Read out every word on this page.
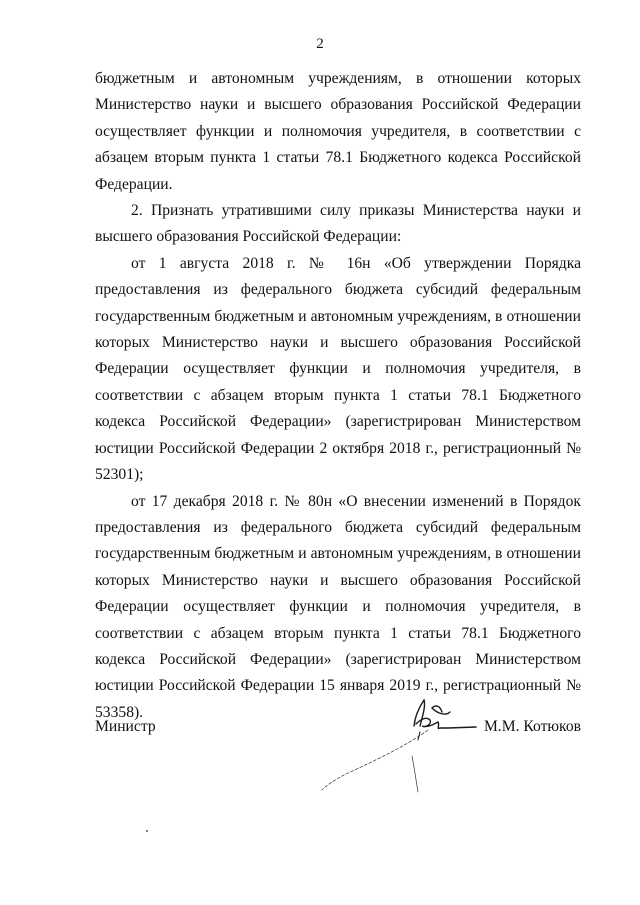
2

бюджетным и автономным учреждениям, в отношении которых Министерство науки и высшего образования Российской Федерации осуществляет функции и полномочия учредителя, в соответствии с абзацем вторым пункта 1 статьи 78.1 Бюджетного кодекса Российской Федерации.

2. Признать утратившими силу приказы Министерства науки и высшего образования Российской Федерации:

от 1 августа 2018 г. № 16н «Об утверждении Порядка предоставления из федерального бюджета субсидий федеральным государственным бюджетным и автономным учреждениям, в отношении которых Министерство науки и высшего образования Российской Федерации осуществляет функции и полномочия учредителя, в соответствии с абзацем вторым пункта 1 статьи 78.1 Бюджетного кодекса Российской Федерации» (зарегистрирован Министерством юстиции Российской Федерации 2 октября 2018 г., регистрационный № 52301);

от 17 декабря 2018 г. № 80н «О внесении изменений в Порядок предоставления из федерального бюджета субсидий федеральным государственным бюджетным и автономным учреждениям, в отношении которых Министерство науки и высшего образования Российской Федерации осуществляет функции и полномочия учредителя, в соответствии с абзацем вторым пункта 1 статьи 78.1 Бюджетного кодекса Российской Федерации» (зарегистрирован Министерством юстиции Российской Федерации 15 января 2019 г., регистрационный № 53358).

Министр	М.М. Котюков
